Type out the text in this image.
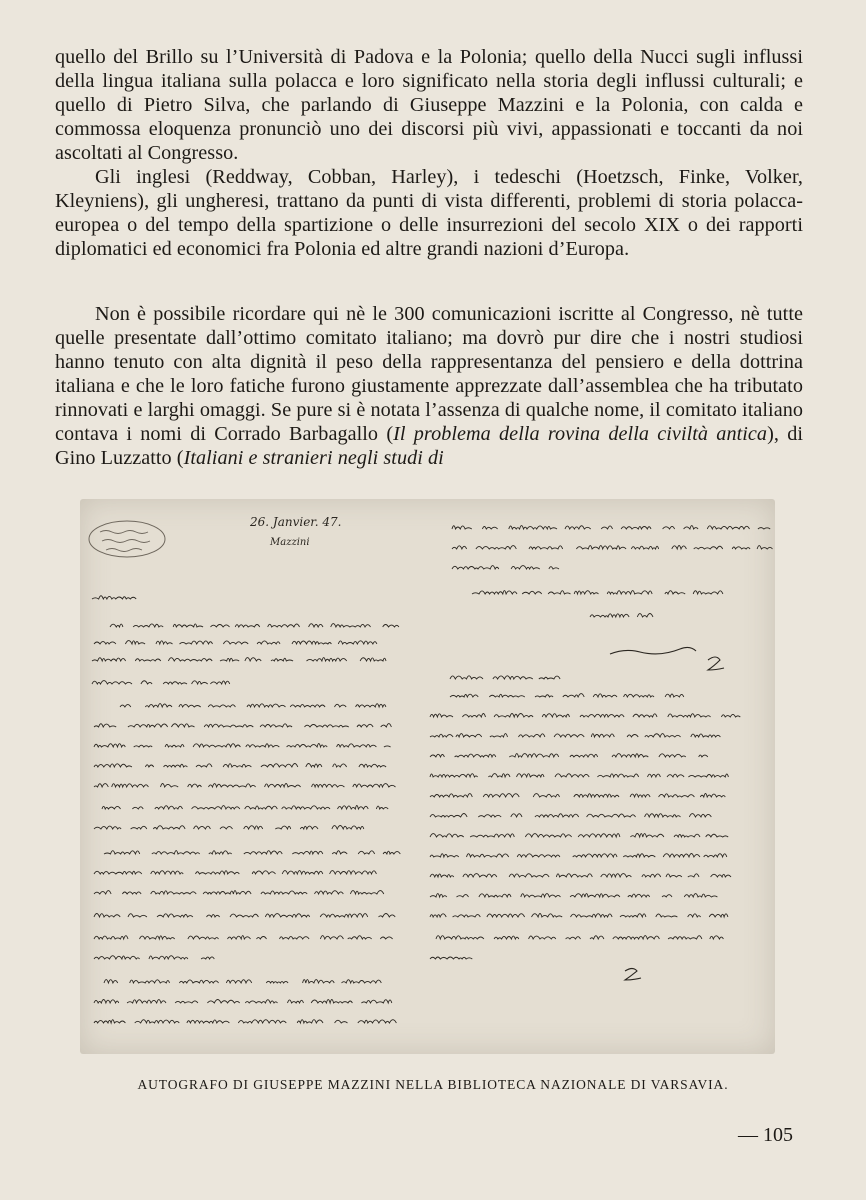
quello del Brillo su l’Università di Padova e la Polonia; quello della Nucci sugli influssi della lingua italiana sulla polacca e loro significato nella storia degli influssi culturali; e quello di Pietro Silva, che parlando di Giuseppe Mazzini e la Polonia, con calda e commossa eloquenza pronunciò uno dei discorsi più vivi, appassionati e toccanti da noi ascoltati al Congresso.

Gli inglesi (Reddway, Cobban, Harley), i tedeschi (Hoetzsch, Finke, Volker, Kleyniens), gli ungheresi, trattano da punti di vista differenti, problemi di storia polacca-europea o del tempo della spartizione o delle insurrezioni del secolo XIX o dei rapporti diplomatici ed economici fra Polonia ed altre grandi nazioni d’Europa.

Non è possibile ricordare qui nè le 300 comunicazioni iscritte al Congresso, nè tutte quelle presentate dall’ottimo comitato italiano; ma dovrò pur dire che i nostri studiosi hanno tenuto con alta dignità il peso della rappresentanza del pensiero e della dottrina italiana e che le loro fatiche furono giustamente apprezzate dall’assemblea che ha tributato rinnovati e larghi omaggi. Se pure si è notata l’assenza di qualche nome, il comitato italiano contava i nomi di Corrado Barbagallo (Il problema della rovina della civiltà antica), di Gino Luzzatto (Italiani e stranieri negli studi di

26. Janvier. 47.
Mazzini
AUTOGRAFO DI GIUSEPPE MAZZINI NELLA BIBLIOTECA NAZIONALE DI VARSAVIA.
— 105
